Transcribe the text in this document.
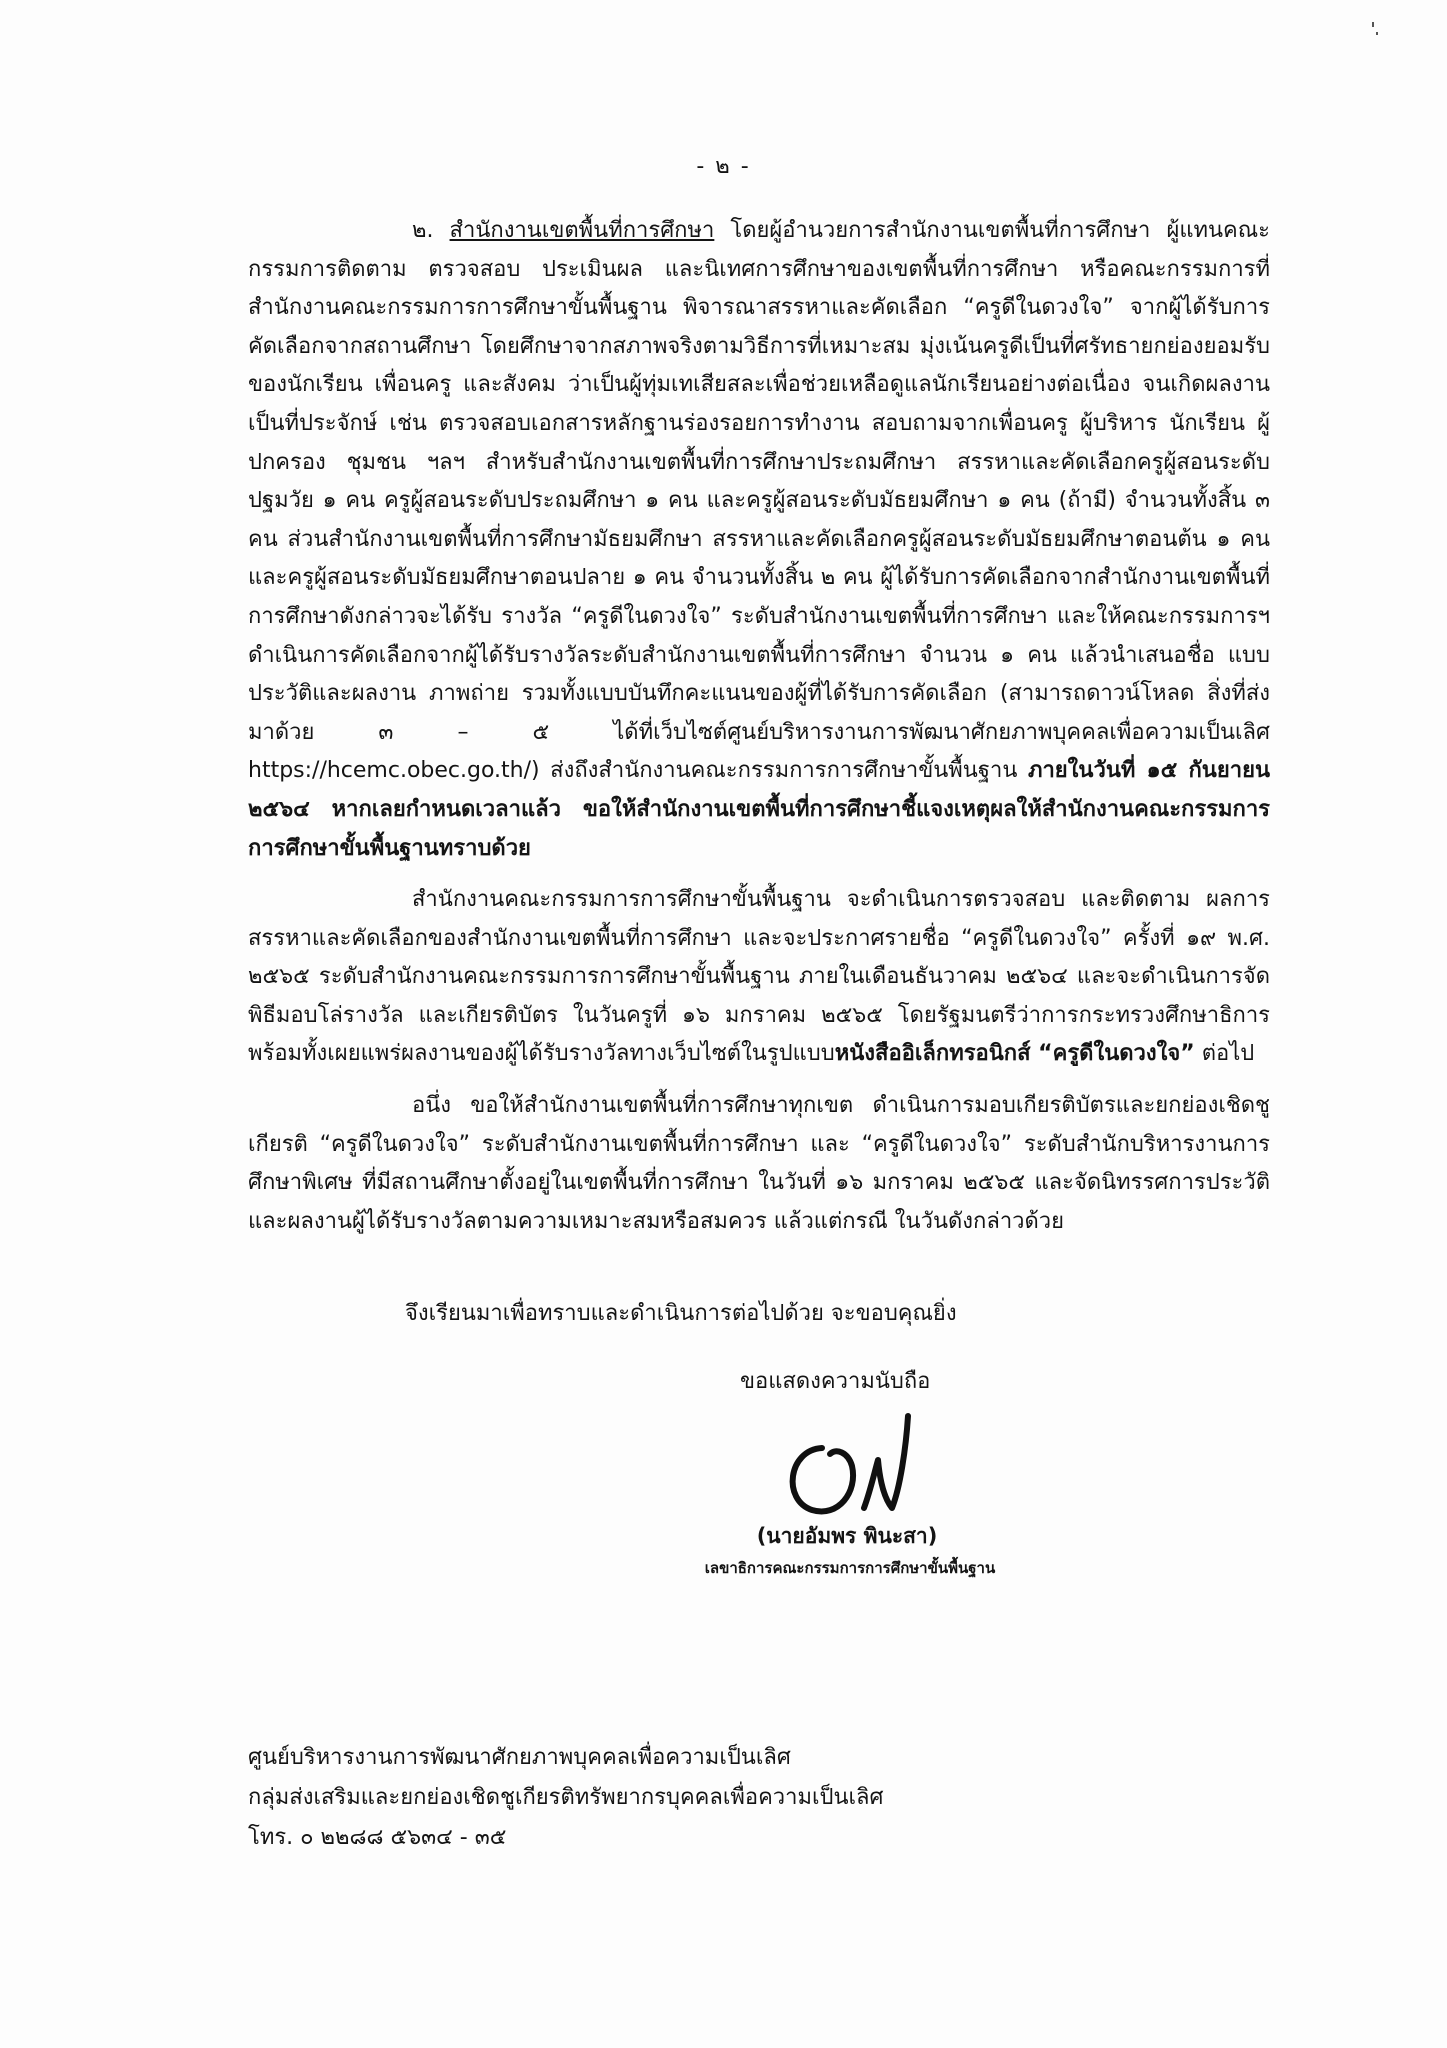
- ๒ -

๒. สำนักงานเขตพื้นที่การศึกษา โดยผู้อำนวยการสำนักงานเขตพื้นที่การศึกษา ผู้แทนคณะกรรมการติดตาม ตรวจสอบ ประเมินผล และนิเทศการศึกษาของเขตพื้นที่การศึกษา หรือคณะกรรมการที่สำนักงานคณะกรรมการการศึกษาขั้นพื้นฐาน พิจารณาสรรหาและคัดเลือก “ครูดีในดวงใจ” จากผู้ได้รับการคัดเลือกจากสถานศึกษา โดยศึกษาจากสภาพจริงตามวิธีการที่เหมาะสม มุ่งเน้นครูดีเป็นที่ศรัทธายกย่องยอมรับของนักเรียน เพื่อนครู และสังคม ว่าเป็นผู้ทุ่มเทเสียสละเพื่อช่วยเหลือดูแลนักเรียนอย่างต่อเนื่อง จนเกิดผลงานเป็นที่ประจักษ์ เช่น ตรวจสอบเอกสารหลักฐานร่องรอยการทำงาน สอบถามจากเพื่อนครู ผู้บริหาร นักเรียน ผู้ปกครอง ชุมชน ฯลฯ สำหรับสำนักงานเขตพื้นที่การศึกษาประถมศึกษา สรรหาและคัดเลือกครูผู้สอนระดับปฐมวัย ๑ คน ครูผู้สอนระดับประถมศึกษา ๑ คน และครูผู้สอนระดับมัธยมศึกษา ๑ คน (ถ้ามี) จำนวนทั้งสิ้น ๓ คน ส่วนสำนักงานเขตพื้นที่การศึกษามัธยมศึกษา สรรหาและคัดเลือกครูผู้สอนระดับมัธยมศึกษาตอนต้น ๑ คน และครูผู้สอนระดับมัธยมศึกษาตอนปลาย ๑ คน จำนวนทั้งสิ้น ๒ คน ผู้ได้รับการคัดเลือกจากสำนักงานเขตพื้นที่การศึกษาดังกล่าวจะได้รับ รางวัล “ครูดีในดวงใจ” ระดับสำนักงานเขตพื้นที่การศึกษา และให้คณะกรรมการฯ ดำเนินการคัดเลือกจากผู้ได้รับรางวัลระดับสำนักงานเขตพื้นที่การศึกษา จำนวน ๑ คน แล้วนำเสนอชื่อ แบบประวัติและผลงาน ภาพถ่าย รวมทั้งแบบบันทึกคะแนนของผู้ที่ได้รับการคัดเลือก (สามารถดาวน์โหลด สิ่งที่ส่งมาด้วย ๓ – ๕ ได้ที่เว็บไซต์ศูนย์บริหารงานการพัฒนาศักยภาพบุคคลเพื่อความเป็นเลิศ https://hcemc.obec.go.th/) ส่งถึงสำนักงานคณะกรรมการการศึกษาขั้นพื้นฐาน ภายในวันที่ ๑๕ กันยายน ๒๕๖๔ หากเลยกำหนดเวลาแล้ว ขอให้สำนักงานเขตพื้นที่การศึกษาชี้แจงเหตุผลให้สำนักงานคณะกรรมการการศึกษาขั้นพื้นฐานทราบด้วย

สำนักงานคณะกรรมการการศึกษาขั้นพื้นฐาน จะดำเนินการตรวจสอบ และติดตาม ผลการสรรหาและคัดเลือกของสำนักงานเขตพื้นที่การศึกษา และจะประกาศรายชื่อ “ครูดีในดวงใจ” ครั้งที่ ๑๙ พ.ศ. ๒๕๖๕ ระดับสำนักงานคณะกรรมการการศึกษาขั้นพื้นฐาน ภายในเดือนธันวาคม ๒๕๖๔ และจะดำเนินการจัดพิธีมอบโล่รางวัล และเกียรติบัตร ในวันครูที่ ๑๖ มกราคม ๒๕๖๕ โดยรัฐมนตรีว่าการกระทรวงศึกษาธิการ พร้อมทั้งเผยแพร่ผลงานของผู้ได้รับรางวัลทางเว็บไซต์ในรูปแบบหนังสืออิเล็กทรอนิกส์ “ครูดีในดวงใจ” ต่อไป

อนึ่ง ขอให้สำนักงานเขตพื้นที่การศึกษาทุกเขต ดำเนินการมอบเกียรติบัตรและยกย่องเชิดชูเกียรติ “ครูดีในดวงใจ” ระดับสำนักงานเขตพื้นที่การศึกษา และ “ครูดีในดวงใจ” ระดับสำนักบริหารงานการศึกษาพิเศษ ที่มีสถานศึกษาตั้งอยู่ในเขตพื้นที่การศึกษา ในวันที่ ๑๖ มกราคม ๒๕๖๕ และจัดนิทรรศการประวัติและผลงานผู้ได้รับรางวัลตามความเหมาะสมหรือสมควร แล้วแต่กรณี ในวันดังกล่าวด้วย

จึงเรียนมาเพื่อทราบและดำเนินการต่อไปด้วย จะขอบคุณยิ่ง
ขอแสดงความนับถือ
(นายอัมพร พินะสา)
เลขาธิการคณะกรรมการการศึกษาขั้นพื้นฐาน
ศูนย์บริหารงานการพัฒนาศักยภาพบุคคลเพื่อความเป็นเลิศ
กลุ่มส่งเสริมและยกย่องเชิดชูเกียรติทรัพยากรบุคคลเพื่อความเป็นเลิศ
โทร. ๐ ๒๒๘๘ ๕๖๓๔ - ๓๕
